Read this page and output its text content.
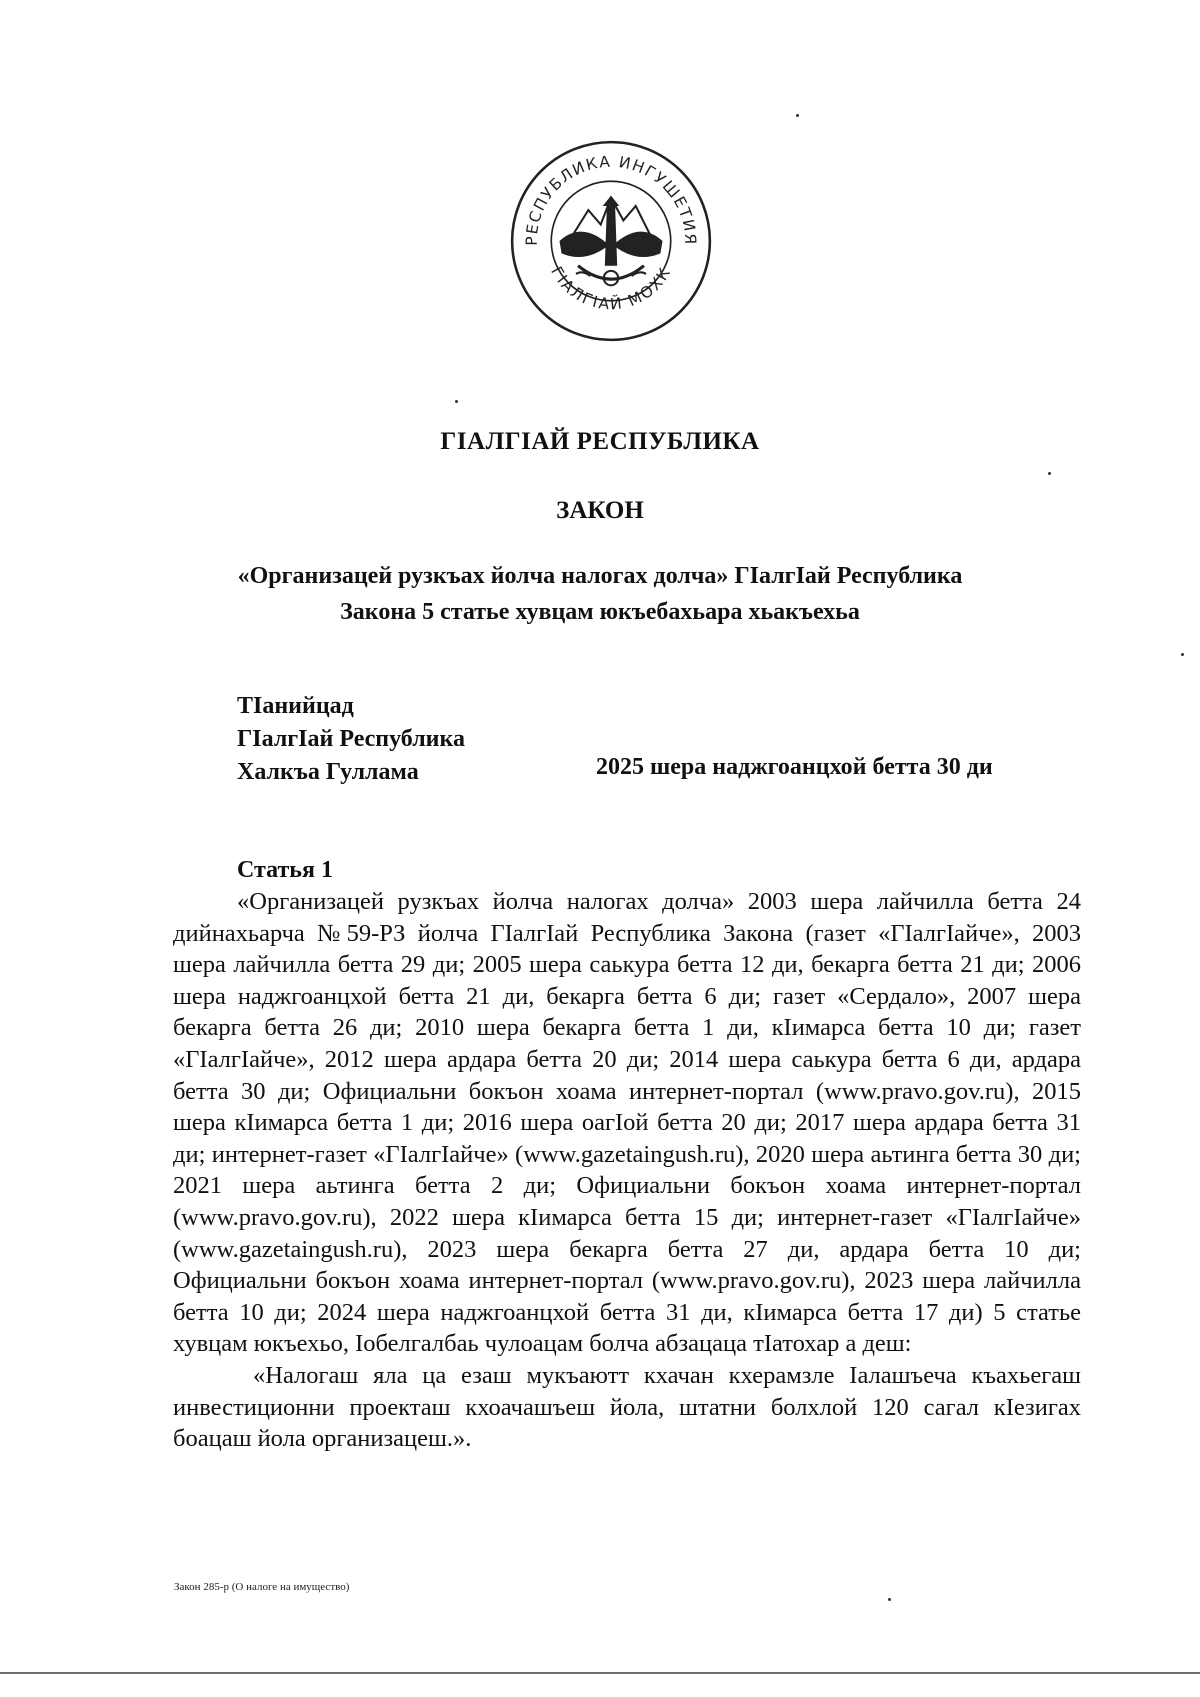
РЕСПУБЛИКА ИНГУШЕТИЯ
ГӀАЛГӀАЙ МОХК
ГIАЛГIАЙ РЕСПУБЛИКА
ЗАКОН
«Организацей рузкъах йолча налогах долча» ГIалгIай Республика
Закона 5 статье хувцам юкъебахьара хьакъехьа
ТIанийцад
ГIалгIай Республика
Халкъа Гуллама	2025 шера наджгоанцхой бетта 30 ди
Статья 1

«Организацей рузкъах йолча налогах долча» 2003 шера лайчилла бетта 24 дийнахьарча №59-РЗ йолча ГIалгIай Республика Закона (газет «ГIалгIайче», 2003 шера лайчилла бетта 29 ди; 2005 шера саькура бетта 12 ди, бекарга бетта 21 ди; 2006 шера наджгоанцхой бетта 21 ди, бекарга бетта 6 ди; газет «Сердало», 2007 шера бекарга бетта 26 ди; 2010 шера бекарга бетта 1 ди, кIимарса бетта 10 ди; газет «ГIалгIайче», 2012 шера ардара бетта 20 ди; 2014 шера саькура бетта 6 ди, ардара бетта 30 ди; Официальни бокъон хоама интернет-портал (www.pravo.gov.ru), 2015 шера кIимарса бетта 1 ди; 2016 шера оагIой бетта 20 ди; 2017 шера ардара бетта 31 ди; интернет-газет «ГIалгIайче» (www.gazetaingush.ru), 2020 шера аьтинга бетта 30 ди; 2021 шера аьтинга бетта 2 ди; Официальни бокъон хоама интернет-портал (www.pravo.gov.ru), 2022 шера кIимарса бетта 15 ди; интернет-газет «ГIалгIайче» (www.gazetaingush.ru), 2023 шера бекарга бетта 27 ди, ардара бетта 10 ди; Официальни бокъон хоама интернет-портал (www.pravo.gov.ru), 2023 шера лайчилла бетта 10 ди; 2024 шера наджгоанцхой бетта 31 ди, кIимарса бетта 17 ди) 5 статье хувцам юкъехьо, Iобелгалбаь чулоацам болча абзацаца тIатохар а деш:

«Налогаш яла ца езаш мукъаютт кхачан кхерамзле Iалашъеча къахьегаш инвестиционни проекташ кхоачашъеш йола, штатни болхлой 120 сагал кIезигах боацаш йола организацеш.».

Закон 285-р (О налоге на имущество)
